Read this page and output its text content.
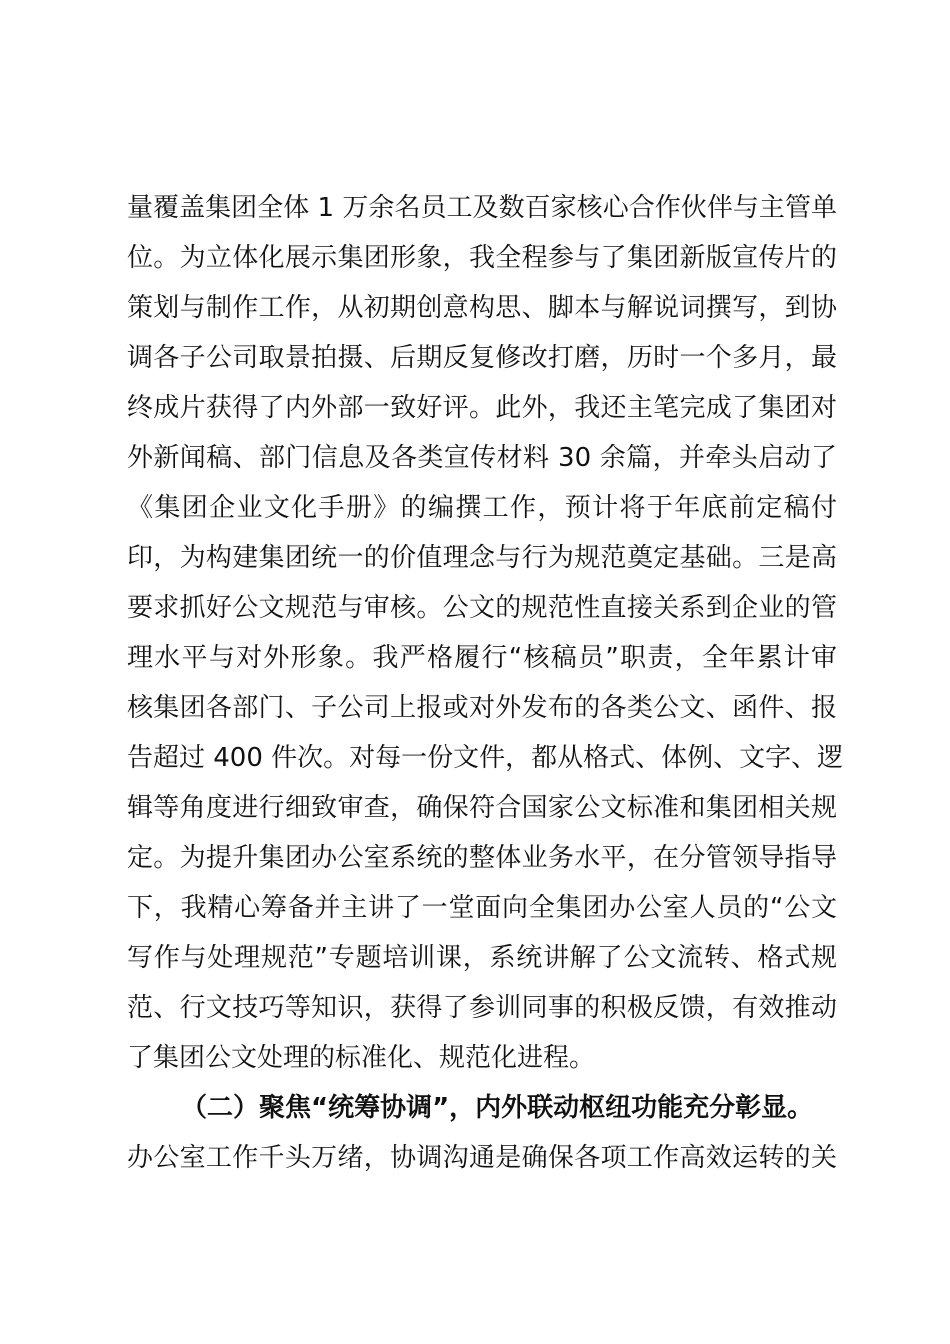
量覆盖集团全体 1 万余名员工及数百家核心合作伙伴与主管单
位。为立体化展示集团形象，我全程参与了集团新版宣传片的
策划与制作工作，从初期创意构思、脚本与解说词撰写，到协
调各子公司取景拍摄、后期反复修改打磨，历时一个多月，最
终成片获得了内外部一致好评。此外，我还主笔完成了集团对
外新闻稿、部门信息及各类宣传材料 30 余篇，并牵头启动了
《集团企业文化手册》的编撰工作，预计将于年底前定稿付
印，为构建集团统一的价值理念与行为规范奠定基础。三是高
要求抓好公文规范与审核。公文的规范性直接关系到企业的管
理水平与对外形象。我严格履行“核稿员”职责，全年累计审
核集团各部门、子公司上报或对外发布的各类公文、函件、报
告超过 400 件次。对每一份文件，都从格式、体例、文字、逻
辑等角度进行细致审查，确保符合国家公文标准和集团相关规
定。为提升集团办公室系统的整体业务水平，在分管领导指导
下，我精心筹备并主讲了一堂面向全集团办公室人员的“公文
写作与处理规范”专题培训课，系统讲解了公文流转、格式规
范、行文技巧等知识，获得了参训同事的积极反馈，有效推动
了集团公文处理的标准化、规范化进程。
（二）聚焦“统筹协调”，内外联动枢纽功能充分彰显。
办公室工作千头万绪，协调沟通是确保各项工作高效运转的关
